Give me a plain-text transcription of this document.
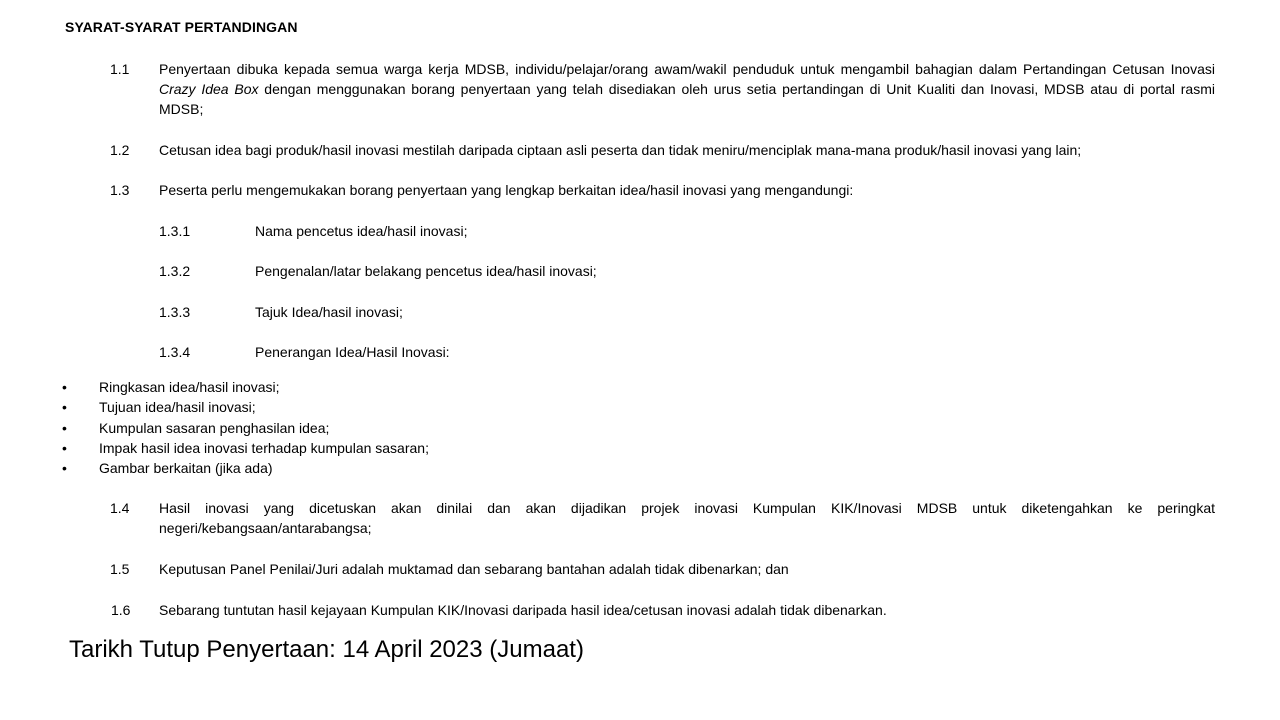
SYARAT-SYARAT PERTANDINGAN
1.1 Penyertaan dibuka kepada semua warga kerja MDSB, individu/pelajar/orang awam/wakil penduduk untuk mengambil bahagian dalam Pertandingan Cetusan Inovasi Crazy Idea Box dengan menggunakan borang penyertaan yang telah disediakan oleh urus setia pertandingan di Unit Kualiti dan Inovasi, MDSB atau di portal rasmi MDSB;
1.2 Cetusan idea bagi produk/hasil inovasi mestilah daripada ciptaan asli peserta dan tidak meniru/menciplak mana-mana produk/hasil inovasi yang lain;
1.3 Peserta perlu mengemukakan borang penyertaan yang lengkap berkaitan idea/hasil inovasi yang mengandungi:
1.3.1	Nama pencetus idea/hasil inovasi;
1.3.2	Pengenalan/latar belakang pencetus idea/hasil inovasi;
1.3.3	Tajuk Idea/hasil inovasi;
1.3.4	Penerangan Idea/Hasil Inovasi:
•	Ringkasan idea/hasil inovasi;
•	Tujuan idea/hasil inovasi;
•	Kumpulan sasaran penghasilan idea;
•	Impak hasil idea inovasi terhadap kumpulan sasaran;
•	Gambar berkaitan (jika ada)
1.4 Hasil inovasi yang dicetuskan akan dinilai dan akan dijadikan projek inovasi Kumpulan KIK/Inovasi MDSB untuk diketengahkan ke peringkat negeri/kebangsaan/antarabangsa;
1.5 Keputusan Panel Penilai/Juri adalah muktamad dan sebarang bantahan adalah tidak dibenarkan; dan
1.6 Sebarang tuntutan hasil kejayaan Kumpulan KIK/Inovasi daripada hasil idea/cetusan inovasi adalah tidak dibenarkan.
Tarikh Tutup Penyertaan: 14 April 2023 (Jumaat)
